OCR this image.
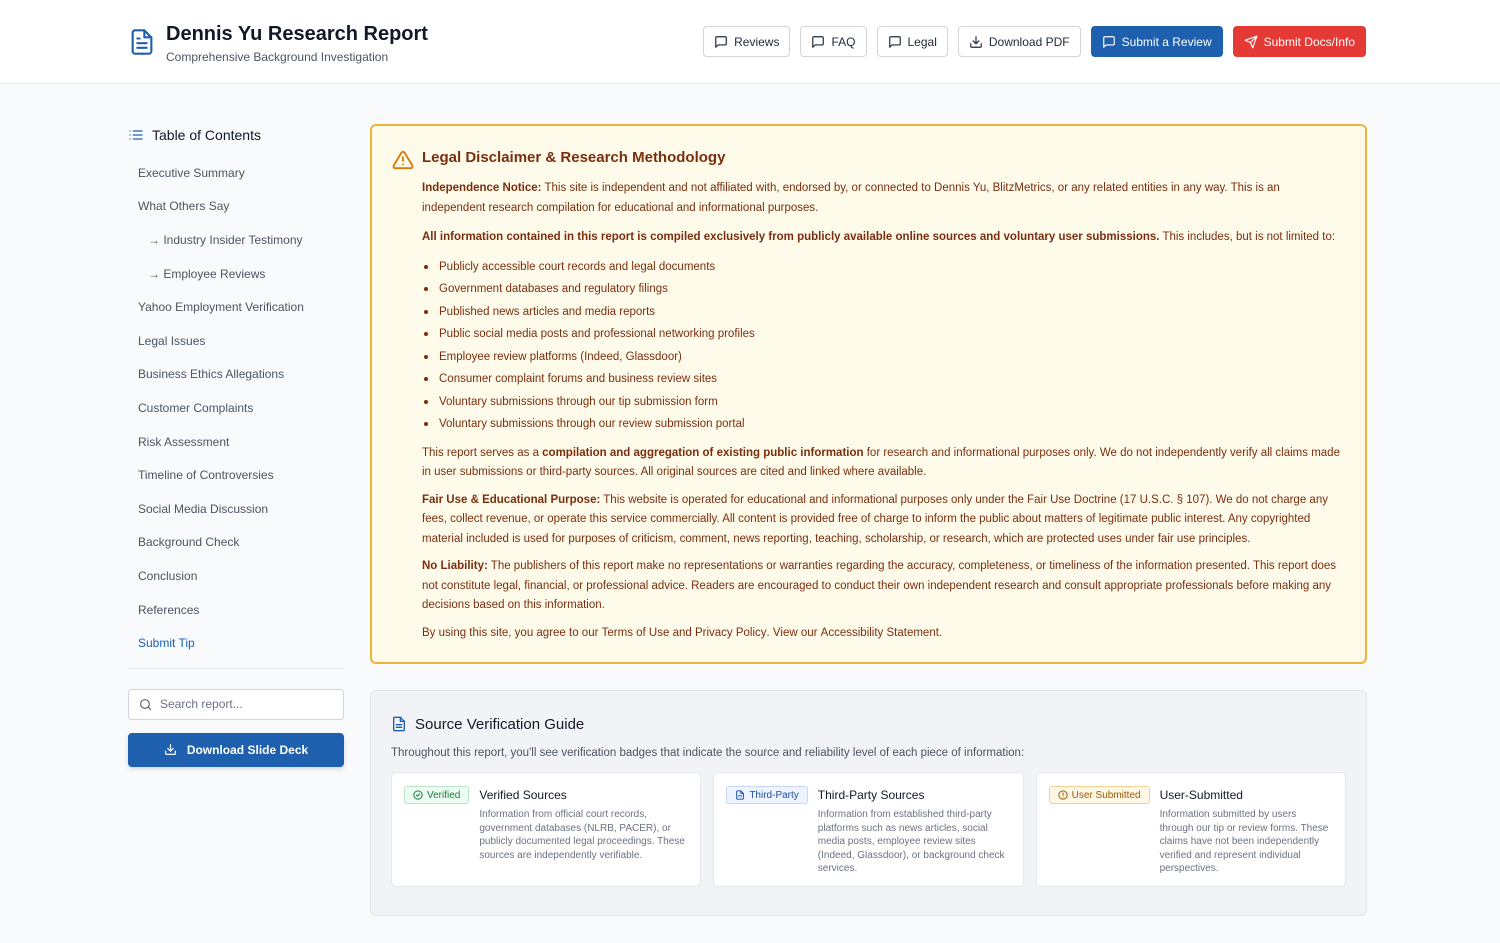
Dennis Yu Research Report
Comprehensive Background Investigation
Reviews	FAQ	Legal	Download PDF	Submit a Review	Submit Docs/Info
Table of Contents
Executive Summary
What Others Say
→ Industry Insider Testimony
→ Employee Reviews
Yahoo Employment Verification
Legal Issues
Business Ethics Allegations
Customer Complaints
Risk Assessment
Timeline of Controversies
Social Media Discussion
Background Check
Conclusion
References
Submit Tip
Search report...
Download Slide Deck
Legal Disclaimer & Research Methodology

Independence Notice: This site is independent and not affiliated with, endorsed by, or connected to Dennis Yu, BlitzMetrics, or any related entities in any way. This is an independent research compilation for educational and informational purposes.

All information contained in this report is compiled exclusively from publicly available online sources and voluntary user submissions. This includes, but is not limited to:

Publicly accessible court records and legal documents
Government databases and regulatory filings
Published news articles and media reports
Public social media posts and professional networking profiles
Employee review platforms (Indeed, Glassdoor)
Consumer complaint forums and business review sites
Voluntary submissions through our tip submission form
Voluntary submissions through our review submission portal

This report serves as a compilation and aggregation of existing public information for research and informational purposes only. We do not independently verify all claims made in user submissions or third-party sources. All original sources are cited and linked where available.

Fair Use & Educational Purpose: This website is operated for educational and informational purposes only under the Fair Use Doctrine (17 U.S.C. § 107). We do not charge any fees, collect revenue, or operate this service commercially. All content is provided free of charge to inform the public about matters of legitimate public interest. Any copyrighted material included is used for purposes of criticism, comment, news reporting, teaching, scholarship, or research, which are protected uses under fair use principles.

No Liability: The publishers of this report make no representations or warranties regarding the accuracy, completeness, or timeliness of the information presented. This report does not constitute legal, financial, or professional advice. Readers are encouraged to conduct their own independent research and consult appropriate professionals before making any decisions based on this information.

By using this site, you agree to our Terms of Use and Privacy Policy. View our Accessibility Statement.

Source Verification Guide
Throughout this report, you'll see verification badges that indicate the source and reliability level of each piece of information:
Verified Verified Sources
Information from official court records, government databases (NLRB, PACER), or publicly documented legal proceedings. These sources are independently verifiable.
Third-Party Third-Party Sources
Information from established third-party platforms such as news articles, social media posts, employee review sites (Indeed, Glassdoor), or background check services.
User Submitted User-Submitted
Information submitted by users through our tip or review forms. These claims have not been independently verified and represent individual perspectives.
